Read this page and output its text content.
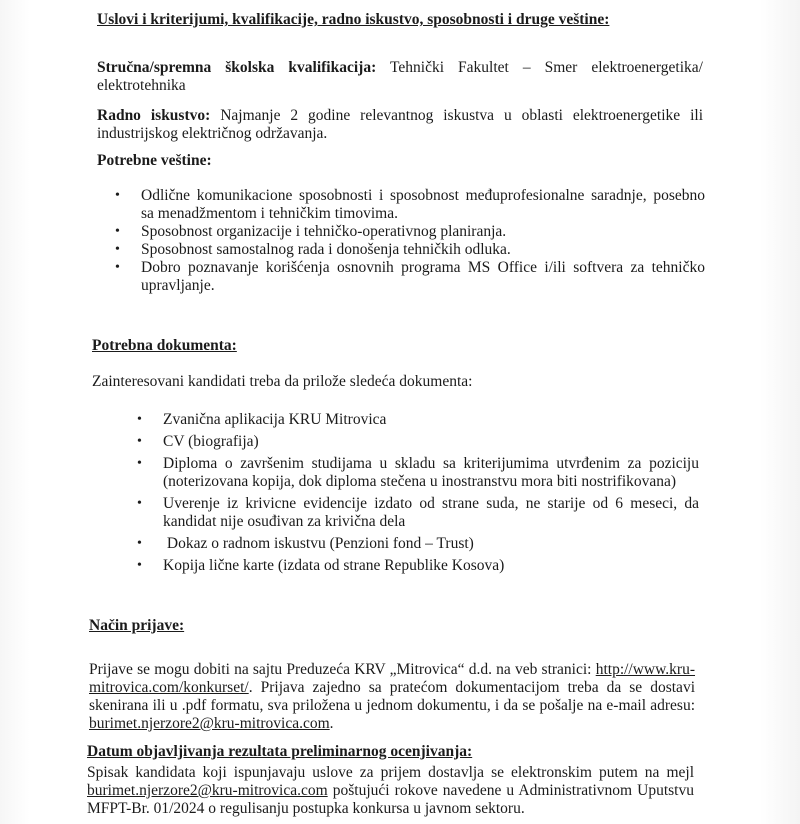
Uslovi i kriterijumi, kvalifikacije, radno iskustvo, sposobnosti i druge veštine:
Stručna/spremna školska kvalifikacija: Tehnički Fakultet – Smer elektroenergetika/
elektrotehnika
Radno iskustvo: Najmanje 2 godine relevantnog iskustva u oblasti elektroenergetike ili
industrijskog električnog održavanja.
Potrebne veštine:
• Odlične komunikacione sposobnosti i sposobnost međuprofesionalne saradnje, posebno
sa menadžmentom i tehničkim timovima.
• Sposobnost organizacije i tehničko-operativnog planiranja.
• Sposobnost samostalnog rada i donošenja tehničkih odluka.
• Dobro poznavanje korišćenja osnovnih programa MS Office i/ili softvera za tehničko
upravljanje.
Potrebna dokumenta:
Zainteresovani kandidati treba da prilože sledeća dokumenta:
• Zvanična aplikacija KRU Mitrovica
• CV (biografija)
• Diploma o završenim studijama u skladu sa kriterijumima utvrđenim za poziciju
(noterizovana kopija, dok diploma stečena u inostranstvu mora biti nostrifikovana)
• Uverenje iz krivicne evidencije izdato od strane suda, ne starije od 6 meseci, da
kandidat nije osuđivan za krivična dela
• Dokaz o radnom iskustvu (Penzioni fond – Trust)
• Kopija lične karte (izdata od strane Republike Kosova)
Način prijave:
Prijave se mogu dobiti na sajtu Preduzeća KRV „Mitrovica“ d.d. na veb stranici: http://www.kru-
mitrovica.com/konkurset/. Prijava zajedno sa pratećom dokumentacijom treba da se dostavi
skenirana ili u .pdf formatu, sva priložena u jednom dokumentu, i da se pošalje na e-mail adresu:
burimet.njerzore2@kru-mitrovica.com.
Datum objavljivanja rezultata preliminarnog ocenjivanja:
Spisak kandidata koji ispunjavaju uslove za prijem dostavlja se elektronskim putem na mejl
burimet.njerzore2@kru-mitrovica.com poštujući rokove navedene u Administrativnom Uputstvu
MFPT-Br. 01/2024 o regulisanju postupka konkursa u javnom sektoru.
